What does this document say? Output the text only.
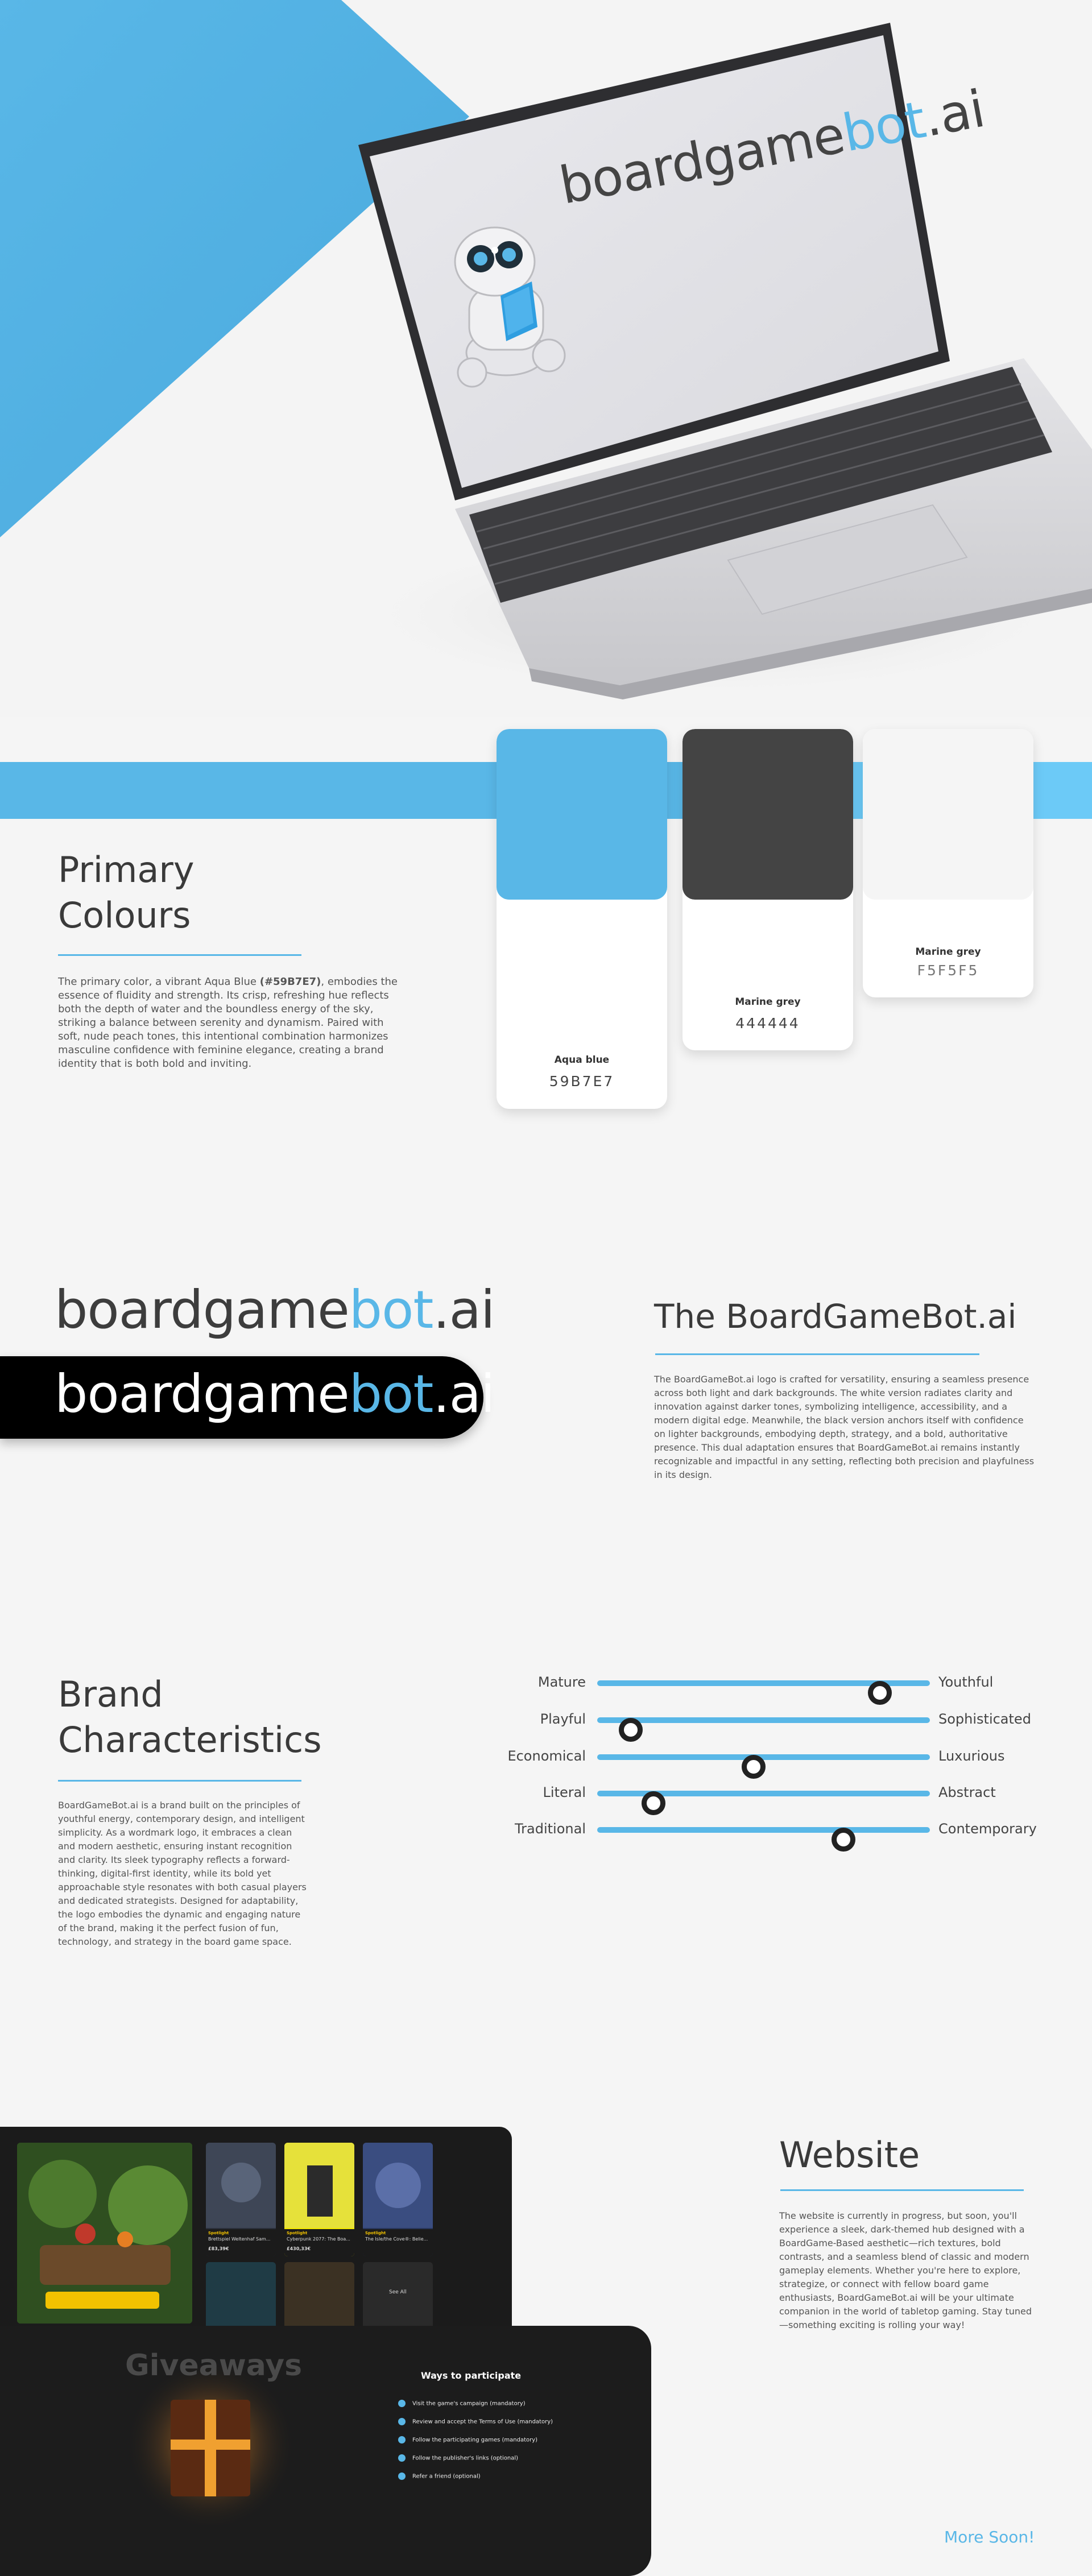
boardgamebot.ai
Primary
Colours

The primary color, a vibrant Aqua Blue (#59B7E7), embodies the essence of fluidity and strength. Its crisp, refreshing hue reflects both the depth of water and the boundless energy of the sky, striking a balance between serenity and dynamism. Paired with soft, nude peach tones, this intentional combination harmonizes masculine confidence with feminine elegance, creating a brand identity that is both bold and inviting.	Aqua blue
59B7E7
Marine grey
444444
Marine grey
F5F5F5
boardgamebot.ai
boardgamebot.ai
The BoardGameBot.ai

The BoardGameBot.ai logo is crafted for versatility, ensuring a seamless presence across both light and dark backgrounds. The white version radiates clarity and innovation against darker tones, symbolizing intelligence, accessibility, and a modern digital edge. Meanwhile, the black version anchors itself with confidence on lighter backgrounds, embodying depth, strategy, and a bold, authoritative presence. This dual adaptation ensures that BoardGameBot.ai remains instantly recognizable and impactful in any setting, reflecting both precision and playfulness in its design.

Brand
Characteristics

BoardGameBot.ai is a brand built on the principles of youthful energy, contemporary design, and intelligent simplicity. As a wordmark logo, it embraces a clean and modern aesthetic, ensuring instant recognition and clarity. Its sleek typography reflects a forward-thinking, digital-first identity, while its bold yet approachable style resonates with both casual players and dedicated strategists. Designed for adaptability, the logo embodies the dynamic and engaging nature of the brand, making it the perfect fusion of fun, technology, and strategy in the board game space.

Mature	Youthful
Playful	Sophisticated
Economical	Luxurious
Literal	Abstract
Traditional	Contemporary
Spotlight
Brettspiel Weltenhaf Sam...
£83,39€
Spotlight
Cyberpunk 2077: The Boa...
£430,33€
Spotlight
The Isle/the Cove®: Belie...
See All
Giveaways	Ways to participate
Visit the game's campaign (mandatory)
Review and accept the Terms of Use (mandatory)
Follow the participating games (mandatory)
Follow the publisher's links (optional)
Refer a friend (optional)
Website

The website is currently in progress, but soon, you'll experience a sleek, dark-themed hub designed with a BoardGame-Based aesthetic—rich textures, bold contrasts, and a seamless blend of classic and modern gameplay elements. Whether you're here to explore, strategize, or connect with fellow board game enthusiasts, BoardGameBot.ai will be your ultimate companion in the world of tabletop gaming. Stay tuned—something exciting is rolling your way!

More Soon!
